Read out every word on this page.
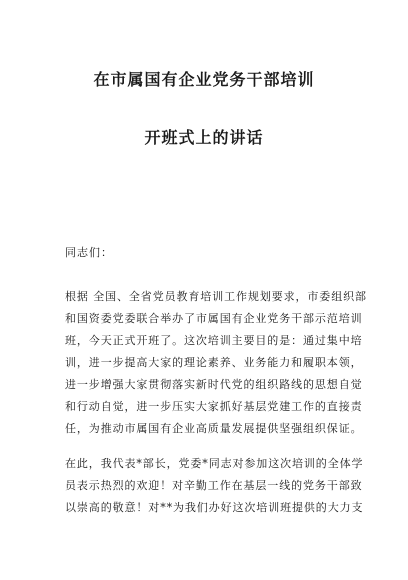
在市属国有企业党务干部培训
开班式上的讲话
同志们：
根据 全国、全省党员教育培训工作规划要求，市委组织部
和国资委党委联合举办了市属国有企业党务干部示范培训
班，今天正式开班了。这次培训主要目的是：通过集中培
训，进一步提高大家的理论素养、业务能力和履职本领，
进一步增强大家贯彻落实新时代党的组织路线的思想自觉
和行动自觉，进一步压实大家抓好基层党建工作的直接责
任，为推动市属国有企业高质量发展提供坚强组织保证。
在此，我代表*部长，党委*同志对参加这次培训的全体学
员表示热烈的欢迎！对辛勤工作在基层一线的党务干部致
以崇高的敬意！对**为我们办好这次培训班提供的大力支
